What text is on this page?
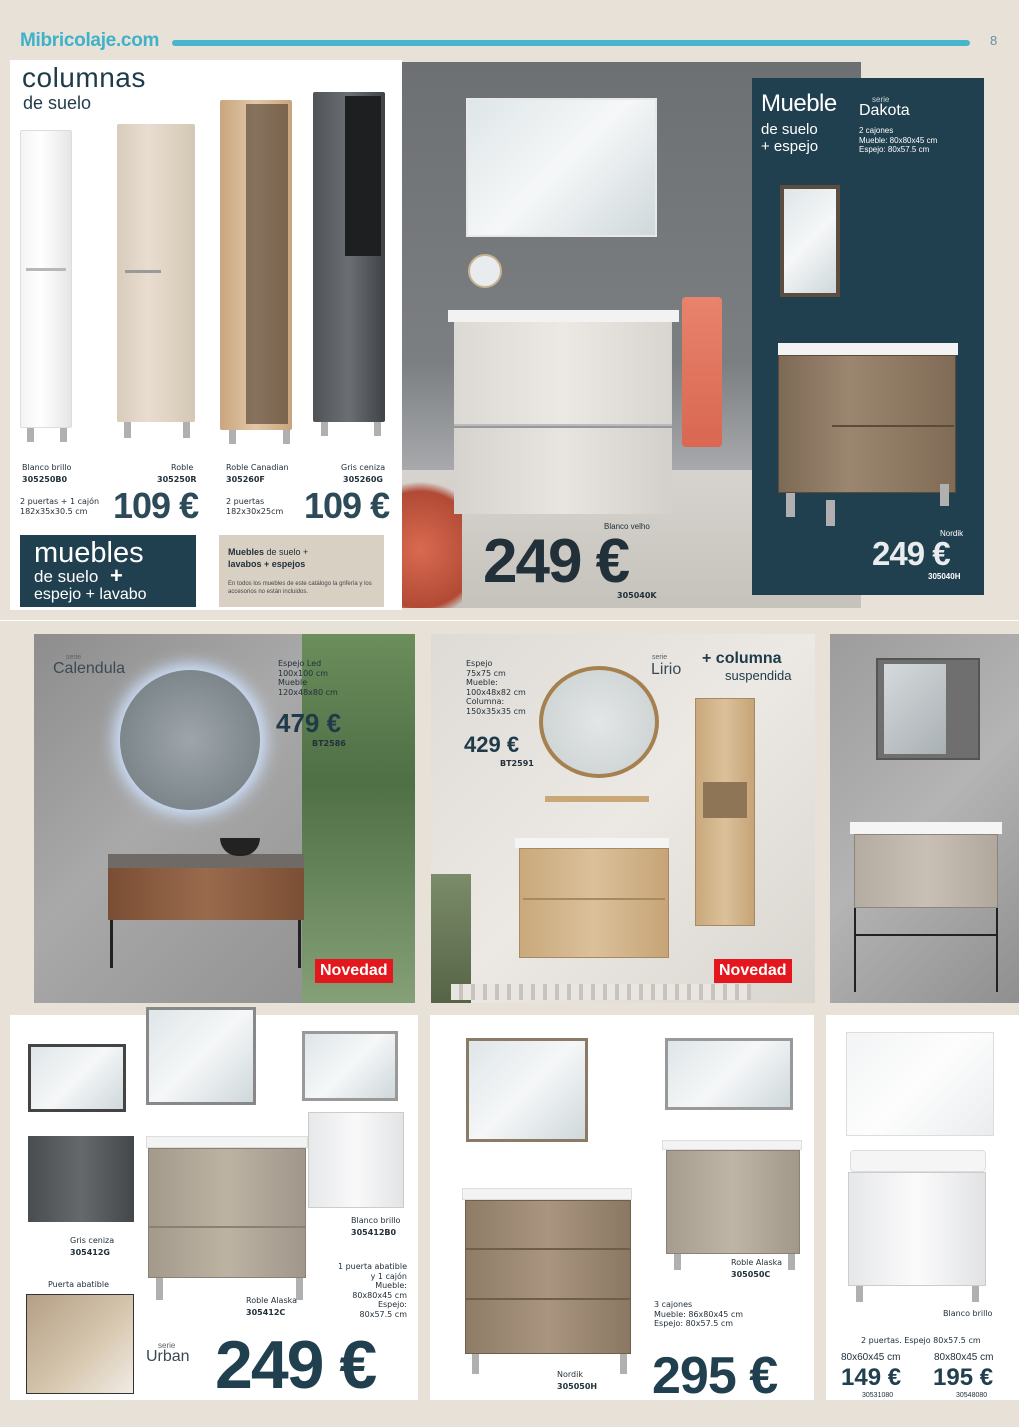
Mibricolaje.com	8
columnas
de suelo
Blanco brillo
305250B0
Roble
305250R
Roble Canadian
305260F
Gris ceniza
305260G
2 puertas + 1 cajón
182x35x30.5 cm 109 €	2 puertas
182x30x25cm 109 €
muebles
de suelo +
espejo + lavabo
Muebles de suelo +
lavabos + espejos
En todos los muebles de este catálogo la grifería y los accesorios no están incluidos.
Blanco velho
249 €
305040K
Mueble
de suelo
+ espejo
serie
Dakota
2 cajones
Mueble: 80x80x45 cm
Espejo: 80x57.5 cm
Nordik
249 €
305040H
serie
Calendula	Espejo Led
100x100 cm
Mueble
120x48x80 cm
479 €
BT2586
Novedad
Espejo
75x75 cm
Mueble:
100x48x82 cm
Columna:
150x35x35 cm
429 €
BT2591
serie
Lirio
+ columna
suspendida
Novedad
Gris ceniza
305412G
Puerta abatible
Blanco brillo
305412B0
Roble Alaska
305412C
1 puerta abatible
y 1 cajón
Mueble:
80x80x45 cm
Espejo:
80x57.5 cm
serie
Urban 249 €	Nordik
305050H
Roble Alaska
305050C
3 cajones
Mueble: 86x80x45 cm
Espejo: 80x57.5 cm
295 €
Blanco brillo
2 puertas. Espejo 80x57.5 cm
80x60x45 cm	80x80x45 cm
149 € 195 €
30531080	30548080
